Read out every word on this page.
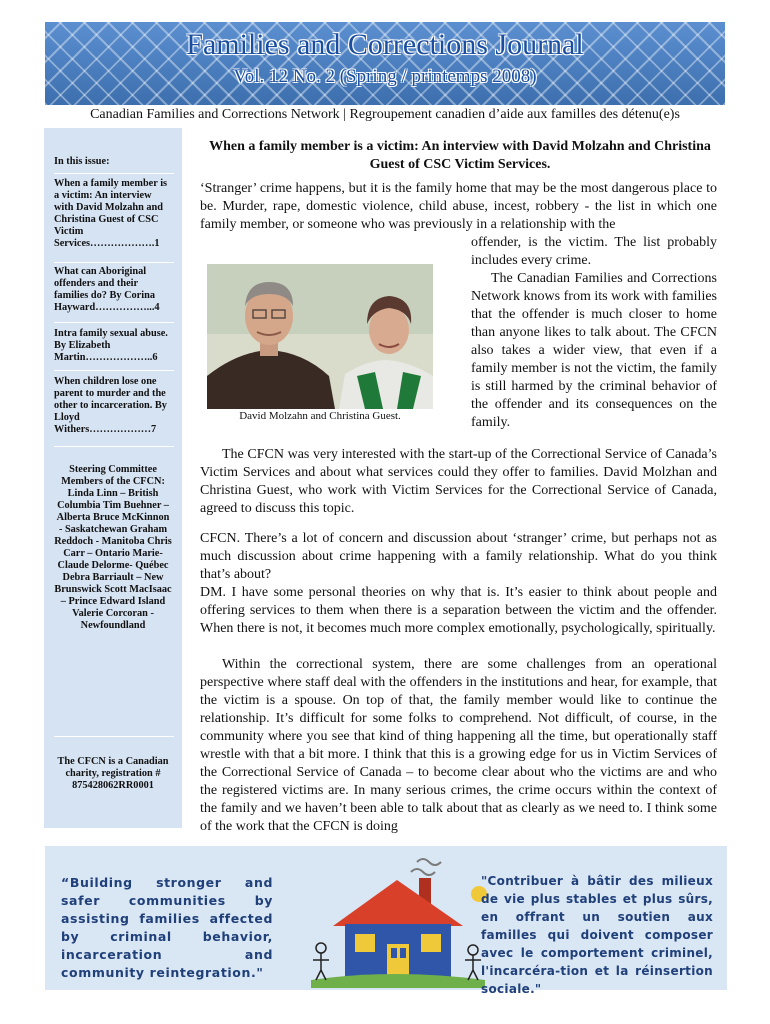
Families and Corrections Journal
Vol. 12 No. 2 (Spring / printemps 2008)
Canadian Families and Corrections Network | Regroupement canadien d’aide aux familles des détenu(e)s
In this issue:
When a family member is a victim: An interview with David Molzahn and Christina Guest of CSC Victim Services……………….1
What can Aboriginal offenders and their families do? By Corina Hayward……………...4
Intra family sexual abuse. By Elizabeth Martin………………..6
When children lose one parent to murder and the other to incarceration. By Lloyd Withers………………7
Steering Committee Members of the CFCN: Linda Linn – British Columbia Tim Buehner – Alberta Bruce McKinnon - Saskatchewan Graham Reddoch - Manitoba Chris Carr – Ontario Marie-Claude Delorme- Québec Debra Barriault – New Brunswick Scott MacIsaac – Prince Edward Island Valerie Corcoran - Newfoundland
The CFCN is a Canadian charity, registration # 875428062RR0001
When a family member is a victim: An interview with David Molzahn and Christina Guest of CSC Victim Services.
‘Stranger’ crime happens, but it is the family home that may be the most dangerous place to be. Murder, rape, domestic violence, child abuse, incest, robbery - the list in which one family member, or someone who was previously in a relationship with the
offender, is the victim. The list probably includes every crime.
The Canadian Families and Corrections Network knows from its work with families that the offender is much closer to home than anyone likes to talk about. The CFCN also takes a wider view, that even if a family member is not the victim, the family is still harmed by the criminal behavior of the offender and its consequences on the family.
David Molzahn and Christina Guest.
The CFCN was very interested with the start-up of the Correctional Service of Canada’s Victim Services and about what services could they offer to families. David Molzhan and Christina Guest, who work with Victim Services for the Correctional Service of Canada, agreed to discuss this topic.
CFCN. There’s a lot of concern and discussion about ‘stranger’ crime, but perhaps not as much discussion about crime happening with a family relationship. What do you think that’s about?
DM. I have some personal theories on why that is. It’s easier to think about people and offering services to them when there is a separation between the victim and the offender. When there is not, it becomes much more complex emotionally, psychologically, spiritually.
Within the correctional system, there are some challenges from an operational perspective where staff deal with the offenders in the institutions and hear, for example, that the victim is a spouse. On top of that, the family member would like to continue the relationship. It’s difficult for some folks to comprehend. Not difficult, of course, in the community where you see that kind of thing happening all the time, but operationally staff wrestle with that a bit more. I think that this is a growing edge for us in Victim Services of the Correctional Service of Canada – to become clear about who the victims are and who the registered victims are. In many serious crimes, the crime occurs within the context of the family and we haven’t been able to talk about that as clearly as we need to. I think some of the work that the CFCN is doing
“Building stronger and safer communities by assisting families affected by criminal behavior, incarceration and community reintegration."
"Contribuer à bâtir des milieux de vie plus stables et plus sûrs, en offrant un soutien aux familles qui doivent composer avec le comportement criminel, l'incarcéra-tion et la réinsertion sociale."
